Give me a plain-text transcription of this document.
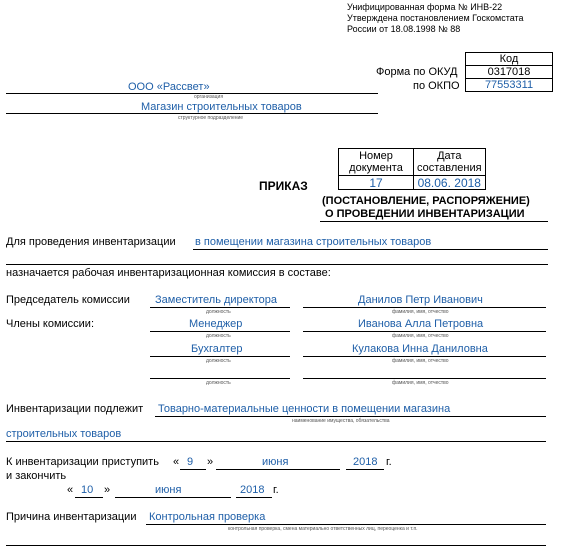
Унифицированная форма № ИНВ-22
Утверждена постановлением Госкомстата
России от 18.08.1998 № 88
Код
0317018
77553311
Форма по ОКУД
по ОКПО
ООО «Рассвет»
организация
Магазин строительных товаров
структурное подразделение
Номер документа	Дата составления
17	08.06. 2018
ПРИКАЗ
(ПОСТАНОВЛЕНИЕ, РАСПОРЯЖЕНИЕ)
О ПРОВЕДЕНИИ ИНВЕНТАРИЗАЦИИ
Для проведения инвентаризации в помещении магазина строительных товаров
назначается рабочая инвентаризационная комиссия в составе:
Председатель комиссии Заместитель директора
должность
Данилов Петр Иванович
фамилия, имя, отчество
Члены комиссии:	Менеджер
должность
Иванова Алла Петровна
фамилия, имя, отчество
Бухгалтер
должность
Кулакова Инна Даниловна
фамилия, имя, отчество
должность	фамилия, имя, отчество
Инвентаризации подлежит Товарно-материальные ценности в помещении магазина
наименование имущества, обязательства
строительных товаров
К инвентаризации приступить « 9 »	июня	2018 г.
и закончить
« 10 »	июня	2018 г.
Причина инвентаризации Контрольная проверка
контрольная проверка, смена материально ответственных лиц, переоценка и т.п.
